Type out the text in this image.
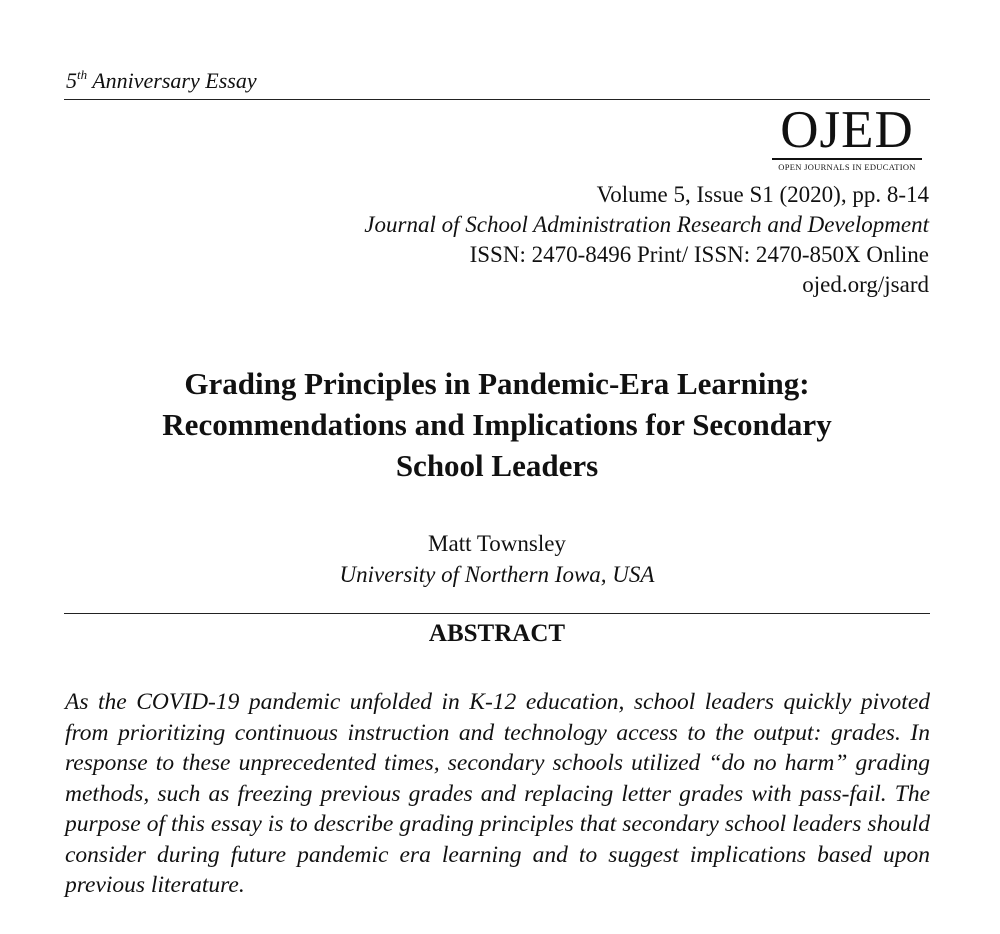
5th Anniversary Essay
OJED
OPEN JOURNALS IN EDUCATION
Volume 5, Issue S1 (2020), pp. 8-14
Journal of School Administration Research and Development
ISSN: 2470-8496 Print/ ISSN: 2470-850X Online
ojed.org/jsard
Grading Principles in Pandemic-Era Learning:
Recommendations and Implications for Secondary
School Leaders
Matt Townsley
University of Northern Iowa, USA
ABSTRACT

As the COVID-19 pandemic unfolded in K-12 education, school leaders quickly pivoted from prioritizing continuous instruction and technology access to the output: grades. In response to these unprecedented times, secondary schools utilized “do no harm” grading methods, such as freezing previous grades and replacing letter grades with pass-fail. The purpose of this essay is to describe grading principles that secondary school leaders should consider during future pandemic era learning and to suggest implications based upon previous literature.
